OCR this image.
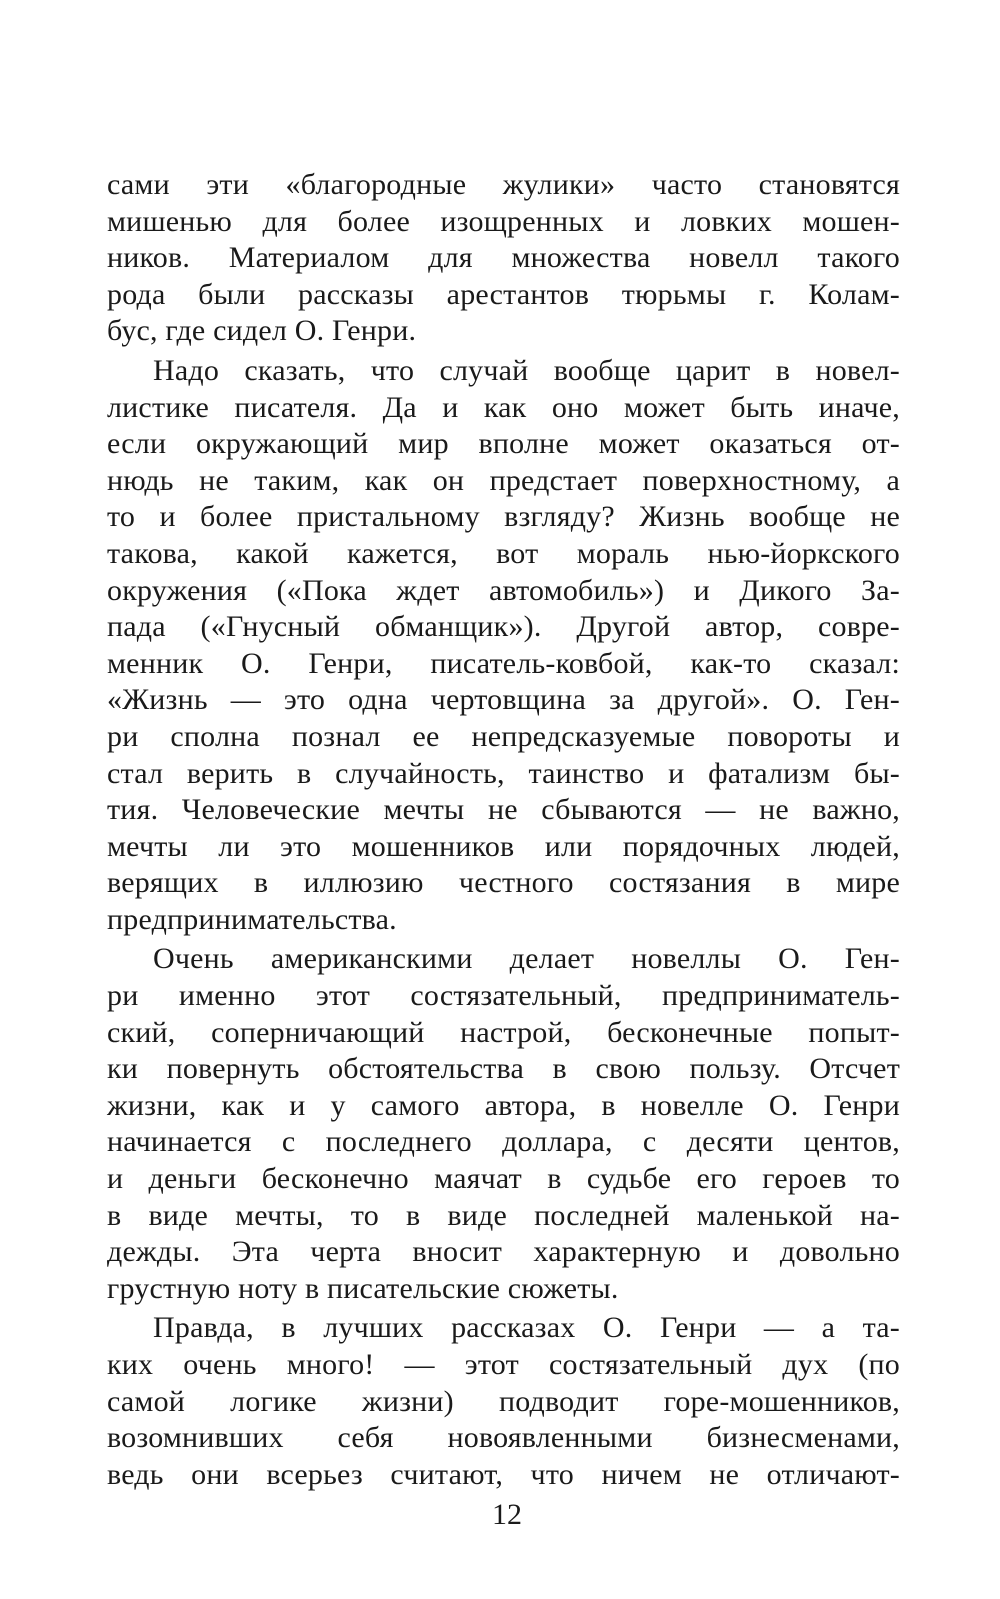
сами эти «благородные жулики» часто становятся
мишенью для более изощренных и ловких мошен-
ников. Материалом для множества новелл такого
рода были рассказы арестантов тюрьмы г. Колам-
бус, где сидел О. Генри.
Надо сказать, что случай вообще царит в новел-
листике писателя. Да и как оно может быть иначе,
если окружающий мир вполне может оказаться от-
нюдь не таким, как он предстает поверхностному, а
то и более пристальному взгляду? Жизнь вообще не
такова, какой кажется, вот мораль нью-йоркского
окружения («Пока ждет автомобиль») и Дикого За-
пада («Гнусный обманщик»). Другой автор, совре-
менник О. Генри, писатель-ковбой, как-то сказал:
«Жизнь — это одна чертовщина за другой». О. Ген-
ри сполна познал ее непредсказуемые повороты и
стал верить в случайность, таинство и фатализм бы-
тия. Человеческие мечты не сбываются — не важно,
мечты ли это мошенников или порядочных людей,
верящих в иллюзию честного состязания в мире
предпринимательства.
Очень американскими делает новеллы О. Ген-
ри именно этот состязательный, предприниматель-
ский, соперничающий настрой, бесконечные попыт-
ки повернуть обстоятельства в свою пользу. Отсчет
жизни, как и у самого автора, в новелле О. Генри
начинается с последнего доллара, с десяти центов,
и деньги бесконечно маячат в судьбе его героев то
в виде мечты, то в виде последней маленькой на-
дежды. Эта черта вносит характерную и довольно
грустную ноту в писательские сюжеты.
Правда, в лучших рассказах О. Генри — а та-
ких очень много! — этот состязательный дух (по
самой логике жизни) подводит горе-мошенников,
возомнивших себя новоявленными бизнесменами,
ведь они всерьез считают, что ничем не отличают-
12
